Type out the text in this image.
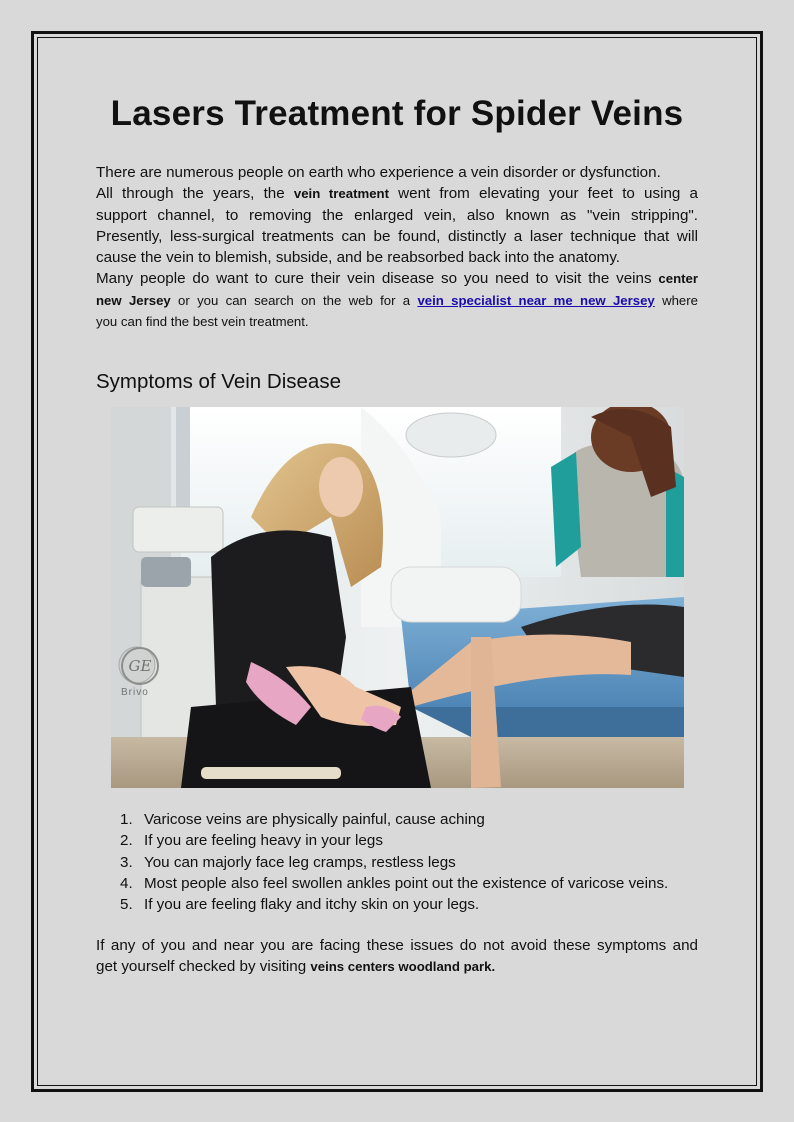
Lasers Treatment for Spider Veins

There are numerous people on earth who experience a vein disorder or dysfunction.
All through the years, the vein treatment went from elevating your feet to using a
support channel, to removing the enlarged vein, also known as "vein stripping".
Presently, less-surgical treatments can be found, distinctly a laser technique that will
cause the vein to blemish, subside, and be reabsorbed back into the anatomy.
Many people do want to cure their vein disease so you need to visit the veins center
new Jersey or you can search on the web for a vein specialist near me new Jersey where
you can find the best vein treatment.

Symptoms of Vein Disease
GE
Brivo
1. Varicose veins are physically painful, cause aching
2. If you are feeling heavy in your legs
3. You can majorly face leg cramps, restless legs
4. Most people also feel swollen ankles point out the existence of varicose veins.
5. If you are feeling flaky and itchy skin on your legs.

If any of you and near you are facing these issues do not avoid these symptoms and
get yourself checked by visiting veins centers woodland park.
